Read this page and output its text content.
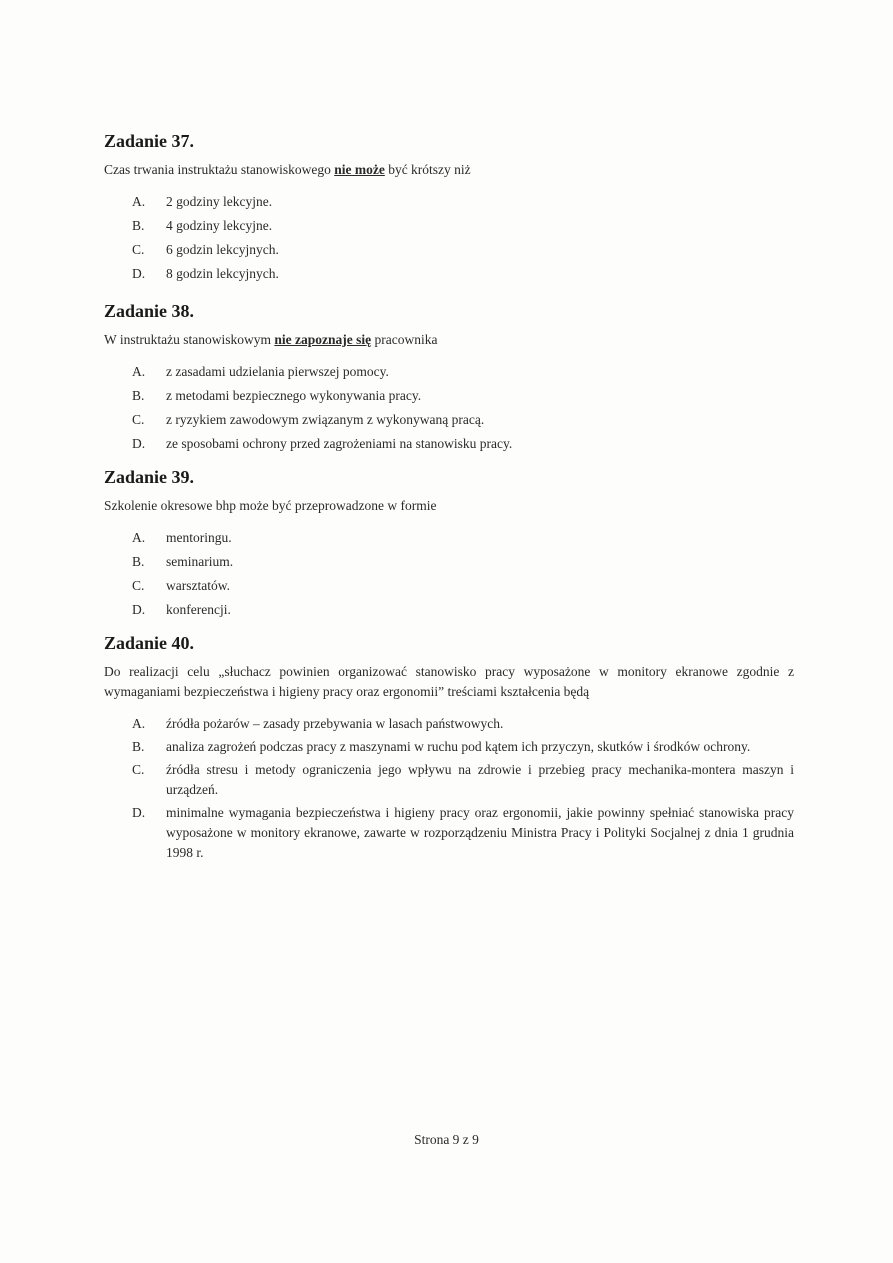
Zadanie 37.

Czas trwania instruktażu stanowiskowego nie może być krótszy niż

A. 2 godziny lekcyjne.
B. 4 godziny lekcyjne.
C. 6 godzin lekcyjnych.
D. 8 godzin lekcyjnych.
Zadanie 38.

W instruktażu stanowiskowym nie zapoznaje się pracownika

A. z zasadami udzielania pierwszej pomocy.
B. z metodami bezpiecznego wykonywania pracy.
C. z ryzykiem zawodowym związanym z wykonywaną pracą.
D. ze sposobami ochrony przed zagrożeniami na stanowisku pracy.
Zadanie 39.

Szkolenie okresowe bhp może być przeprowadzone w formie

A. mentoringu.
B. seminarium.
C. warsztatów.
D. konferencji.
Zadanie 40.

Do realizacji celu „słuchacz powinien organizować stanowisko pracy wyposażone w monitory ekranowe zgodnie z wymaganiami bezpieczeństwa i higieny pracy oraz ergonomii” treściami kształcenia będą

A. źródła pożarów – zasady przebywania w lasach państwowych.
B. analiza zagrożeń podczas pracy z maszynami w ruchu pod kątem ich przyczyn, skutków i środków ochrony.
C. źródła stresu i metody ograniczenia jego wpływu na zdrowie i przebieg pracy mechanika-montera maszyn i urządzeń.
D. minimalne wymagania bezpieczeństwa i higieny pracy oraz ergonomii, jakie powinny spełniać stanowiska pracy wyposażone w monitory ekranowe, zawarte w rozporządzeniu Ministra Pracy i Polityki Socjalnej z dnia 1 grudnia 1998 r.
Strona 9 z 9
